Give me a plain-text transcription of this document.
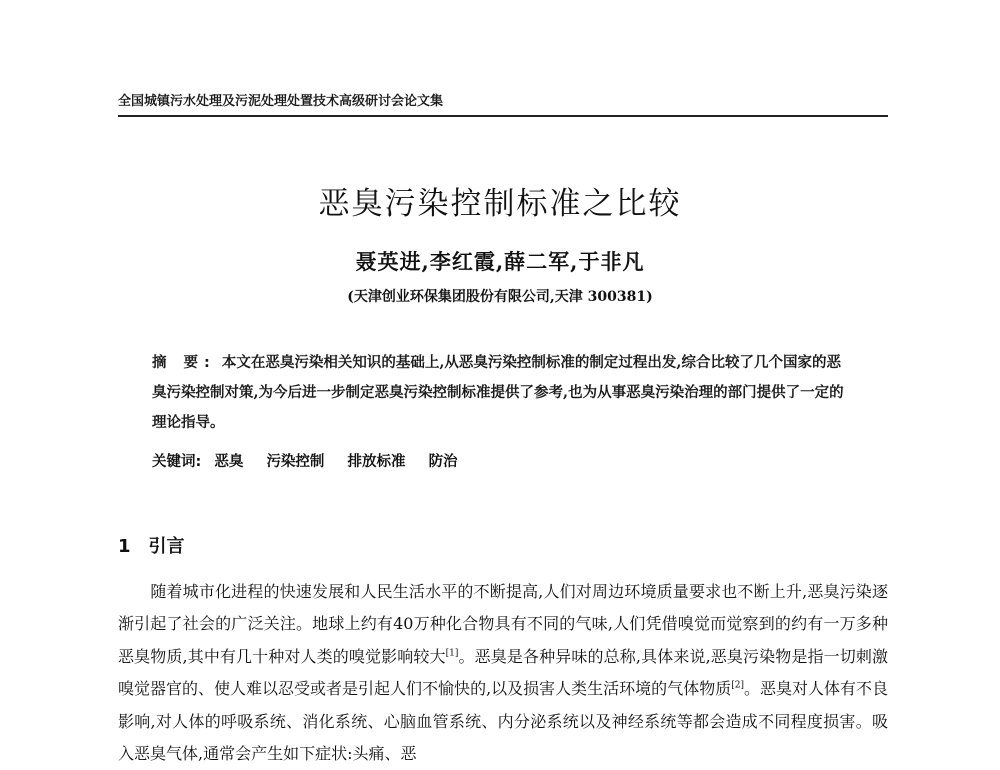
全国城镇污水处理及污泥处理处置技术高级研讨会论文集
恶臭污染控制标准之比较
聂英进,李红霞,薛二军,于非凡
(天津创业环保集团股份有限公司,天津 300381)
摘 要: 本文在恶臭污染相关知识的基础上,从恶臭污染控制标准的制定过程出发,综合比较了几个国家的恶臭污染控制对策,为今后进一步制定恶臭污染控制标准提供了参考,也为从事恶臭污染治理的部门提供了一定的理论指导。
关键词: 恶臭 污染控制 排放标准 防治
1 引言
　　随着城市化进程的快速发展和人民生活水平的不断提高,人们对周边环境质量要求也不断上升,恶臭污染逐渐引起了社会的广泛关注。地球上约有40万种化合物具有不同的气味,人们凭借嗅觉而觉察到的约有一万多种恶臭物质,其中有几十种对人类的嗅觉影响较大[1]。恶臭是各种异味的总称,具体来说,恶臭污染物是指一切刺激嗅觉器官的、使人难以忍受或者是引起人们不愉快的,以及损害人类生活环境的气体物质[2]。恶臭对人体有不良影响,对人体的呼吸系统、消化系统、心脑血管系统、内分泌系统以及神经系统等都会造成不同程度损害。吸入恶臭气体,通常会产生如下症状:头痛、恶
